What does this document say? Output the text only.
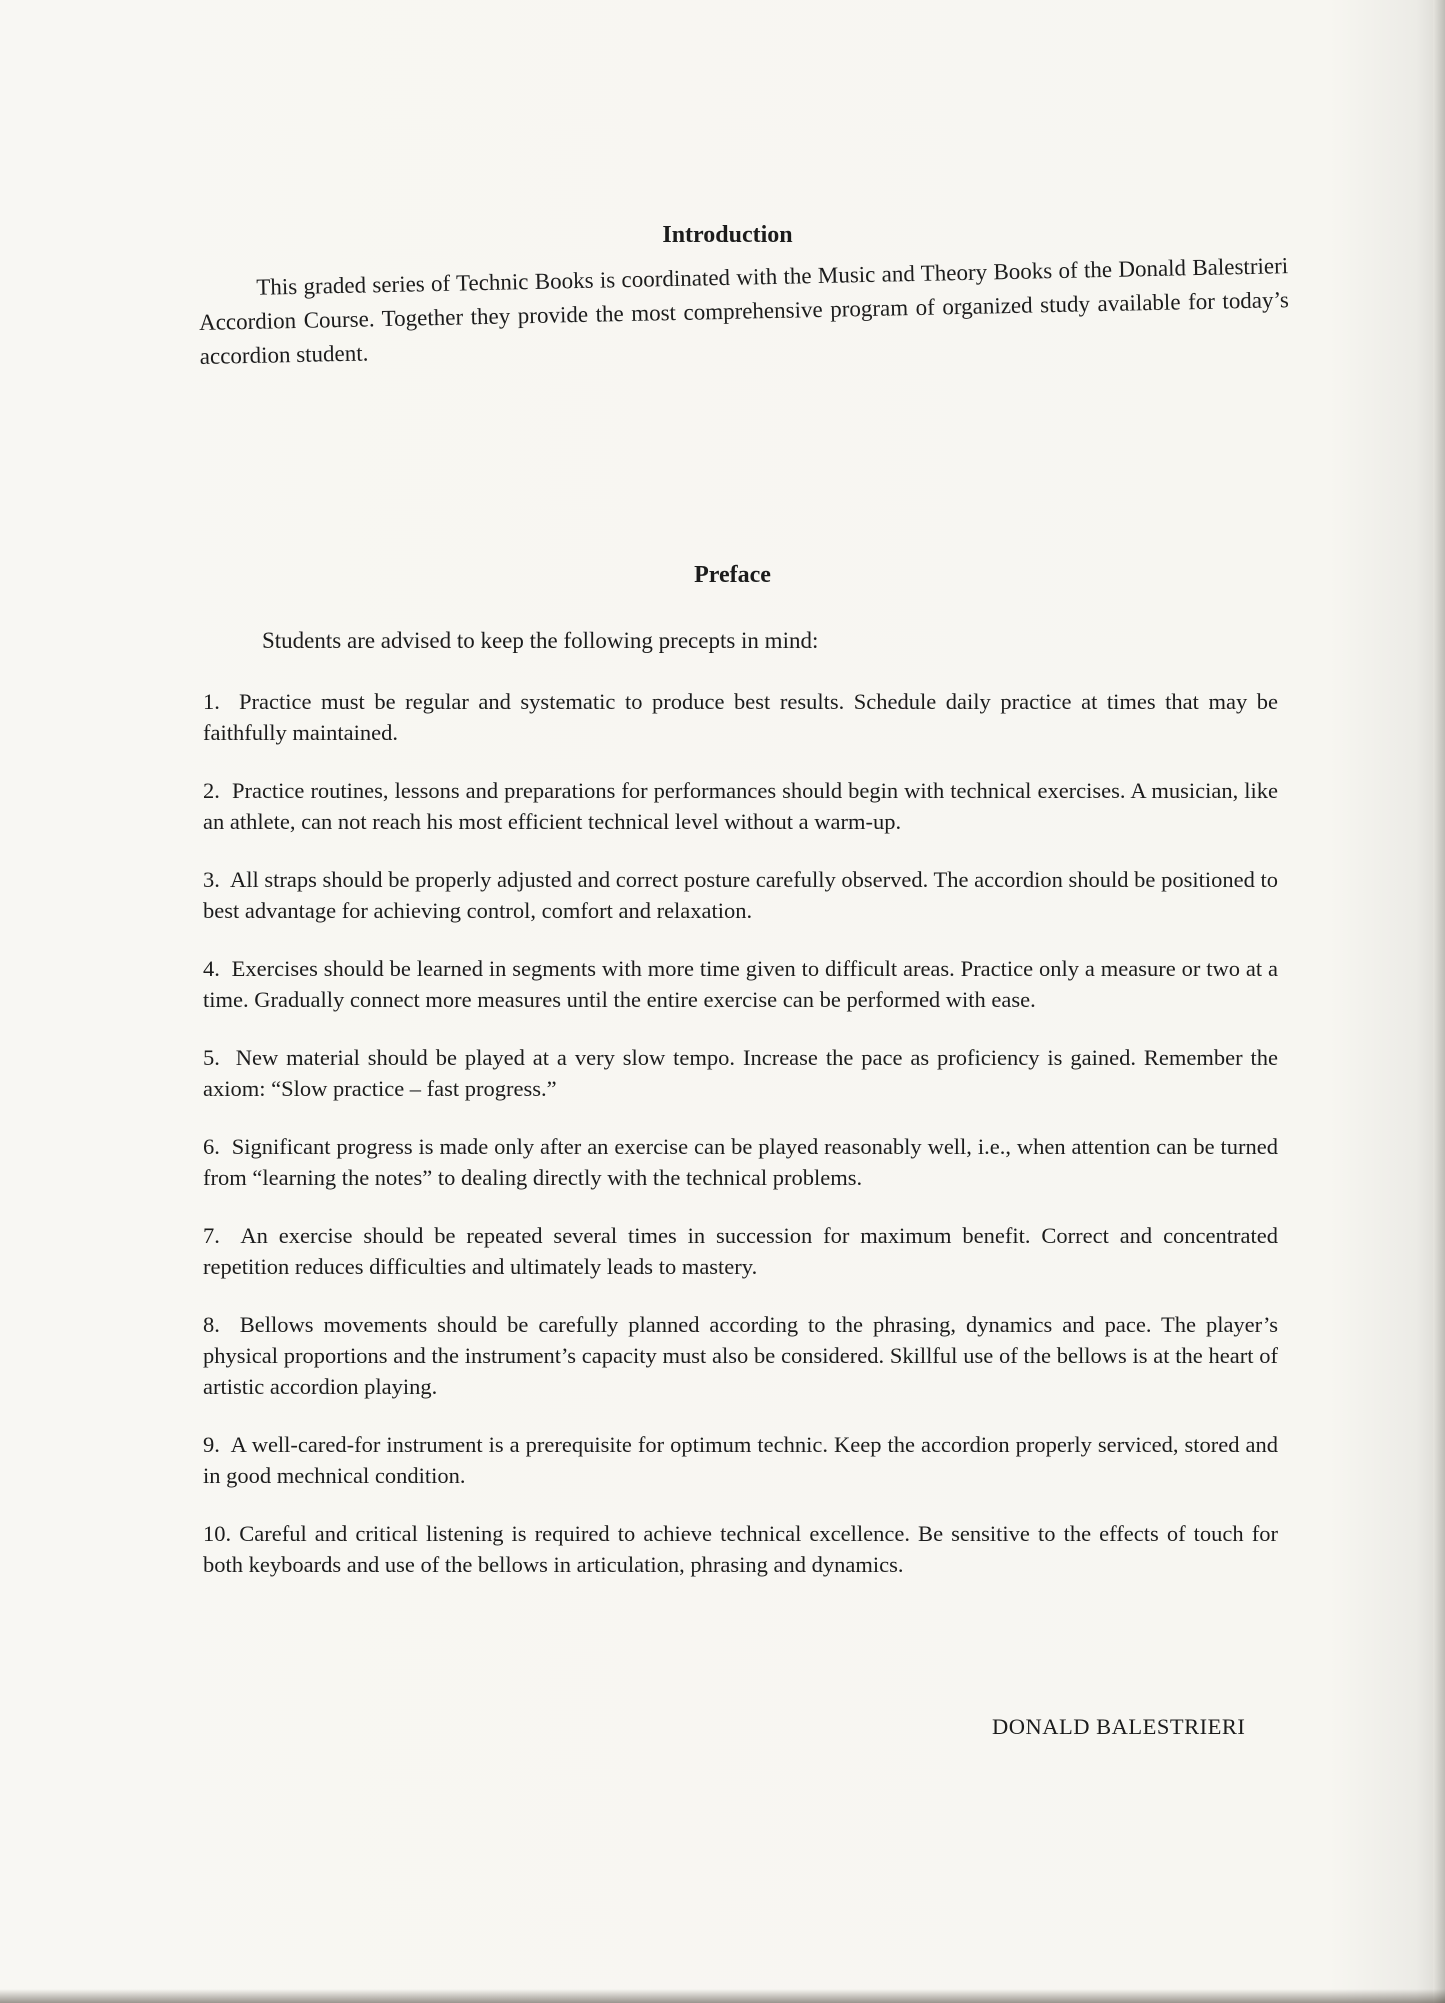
Introduction
This graded series of Technic Books is coordinated with the Music and Theory Books of the Donald Balestrieri Accordion Course. Together they provide the most comprehensive program of organized study available for today’s accordion student.
Preface
Students are advised to keep the following precepts in mind:
1. Practice must be regular and systematic to produce best results. Schedule daily practice at times that may be faithfully maintained.
2. Practice routines, lessons and preparations for performances should begin with technical exercises. A musician, like an athlete, can not reach his most efficient technical level without a warm-up.
3. All straps should be properly adjusted and correct posture carefully observed. The accordion should be positioned to best advantage for achieving control, comfort and relaxation.
4. Exercises should be learned in segments with more time given to difficult areas. Practice only a measure or two at a time. Gradually connect more measures until the entire exercise can be performed with ease.
5. New material should be played at a very slow tempo. Increase the pace as proficiency is gained. Remember the axiom: “Slow practice – fast progress.”
6. Significant progress is made only after an exercise can be played reasonably well, i.e., when attention can be turned from “learning the notes” to dealing directly with the technical problems.
7. An exercise should be repeated several times in succession for maximum benefit. Correct and concentrated repetition reduces difficulties and ultimately leads to mastery.
8. Bellows movements should be carefully planned according to the phrasing, dynamics and pace. The player’s physical proportions and the instrument’s capacity must also be considered. Skillful use of the bellows is at the heart of artistic accordion playing.
9. A well-cared-for instrument is a prerequisite for optimum technic. Keep the accordion properly serviced, stored and in good mechnical condition.
10. Careful and critical listening is required to achieve technical excellence. Be sensitive to the effects of touch for both keyboards and use of the bellows in articulation, phrasing and dynamics.
DONALD BALESTRIERI
